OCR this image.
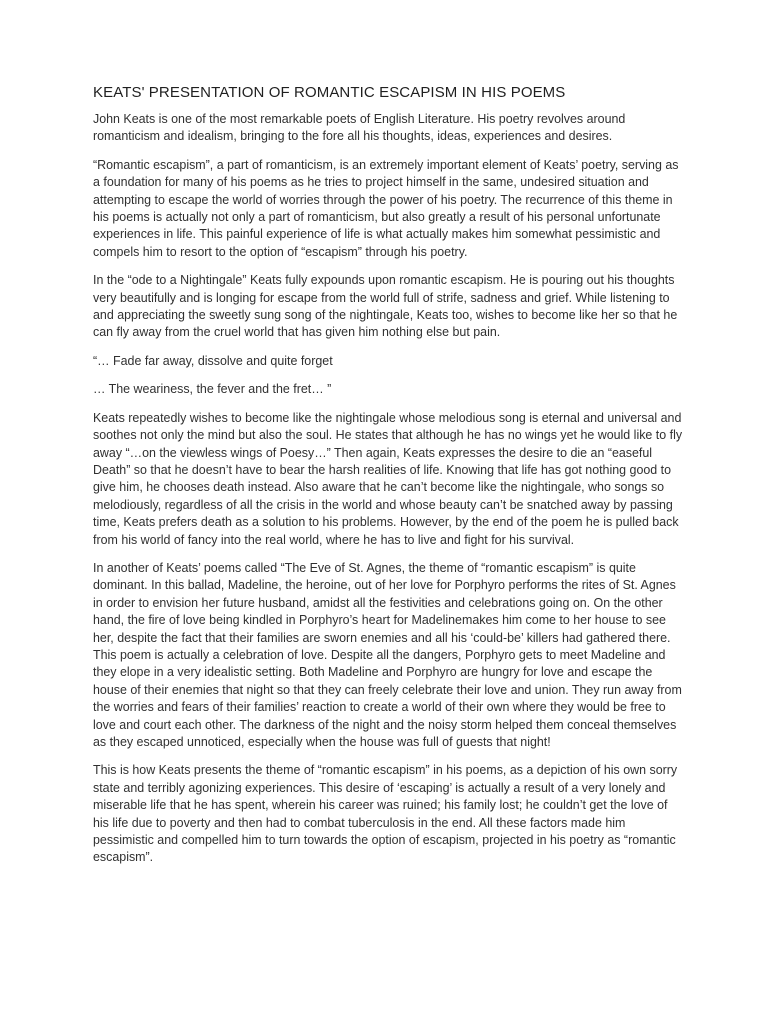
KEATS' PRESENTATION OF ROMANTIC ESCAPISM IN HIS POEMS

John Keats is one of the most remarkable poets of English Literature. His poetry revolves around romanticism and idealism, bringing to the fore all his thoughts, ideas, experiences and desires.

“Romantic escapism”, a part of romanticism, is an extremely important element of Keats’ poetry, serving as a foundation for many of his poems as he tries to project himself in the same, undesired situation and attempting to escape the world of worries through the power of his poetry. The recurrence of this theme in his poems is actually not only a part of romanticism, but also greatly a result of his personal unfortunate experiences in life. This painful experience of life is what actually makes him somewhat pessimistic and compels him to resort to the option of “escapism” through his poetry.

In the “ode to a Nightingale” Keats fully expounds upon romantic escapism. He is pouring out his thoughts very beautifully and is longing for escape from the world full of strife, sadness and grief. While listening to and appreciating the sweetly sung song of the nightingale, Keats too, wishes to become like her so that he can fly away from the cruel world that has given him nothing else but pain.

“… Fade far away, dissolve and quite forget

… The weariness, the fever and the fret… ”

Keats repeatedly wishes to become like the nightingale whose melodious song is eternal and universal and soothes not only the mind but also the soul. He states that although he has no wings yet he would like to fly away “…on the viewless wings of Poesy…” Then again, Keats expresses the desire to die an “easeful Death” so that he doesn’t have to bear the harsh realities of life. Knowing that life has got nothing good to give him, he chooses death instead. Also aware that he can’t become like the nightingale, who songs so melodiously, regardless of all the crisis in the world and whose beauty can’t be snatched away by passing time, Keats prefers death as a solution to his problems. However, by the end of the poem he is pulled back from his world of fancy into the real world, where he has to live and fight for his survival.

In another of Keats’ poems called “The Eve of St. Agnes, the theme of “romantic escapism” is quite dominant. In this ballad, Madeline, the heroine, out of her love for Porphyro performs the rites of St. Agnes in order to envision her future husband, amidst all the festivities and celebrations going on. On the other hand, the fire of love being kindled in Porphyro’s heart for Madelinemakes him come to her house to see her, despite the fact that their families are sworn enemies and all his ‘could-be’ killers had gathered there. This poem is actually a celebration of love. Despite all the dangers, Porphyro gets to meet Madeline and they elope in a very idealistic setting. Both Madeline and Porphyro are hungry for love and escape the house of their enemies that night so that they can freely celebrate their love and union. They run away from the worries and fears of their families’ reaction to create a world of their own where they would be free to love and court each other. The darkness of the night and the noisy storm helped them conceal themselves as they escaped unnoticed, especially when the house was full of guests that night!

This is how Keats presents the theme of “romantic escapism” in his poems, as a depiction of his own sorry state and terribly agonizing experiences. This desire of ‘escaping’ is actually a result of a very lonely and miserable life that he has spent, wherein his career was ruined; his family lost; he couldn’t get the love of his life due to poverty and then had to combat tuberculosis in the end. All these factors made him pessimistic and compelled him to turn towards the option of escapism, projected in his poetry as “romantic escapism”.
